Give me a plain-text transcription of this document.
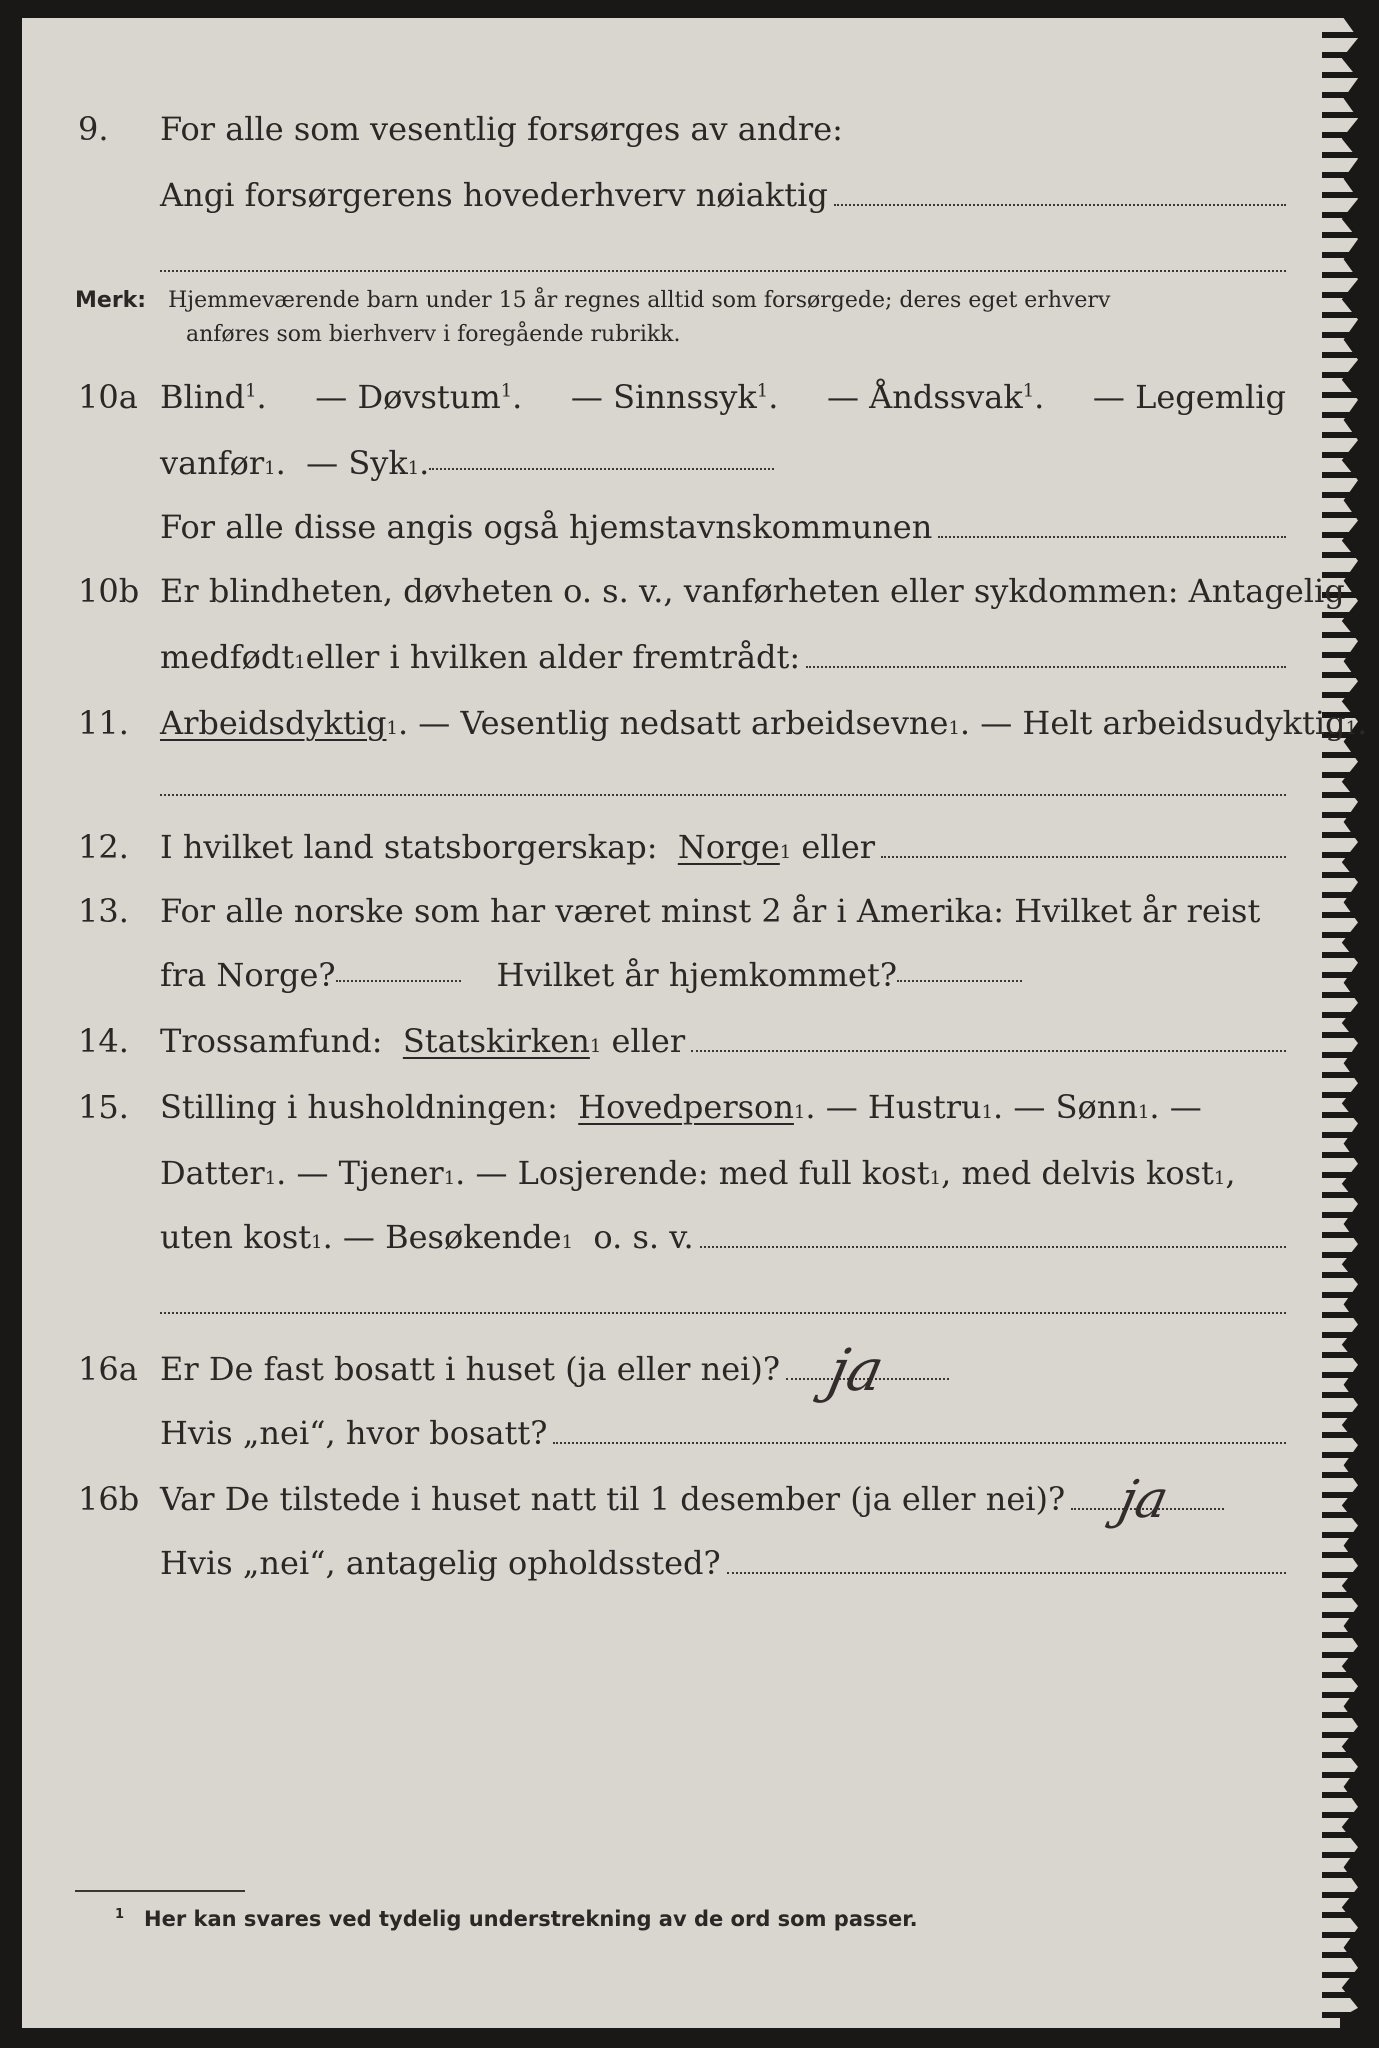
9.	For alle som vesentlig forsørges av andre:
Angi forsørgerens hovederhverv nøiaktig
Merk: Hjemmeværende barn under 15 år regnes alltid som forsørgede; deres eget erhverv
anføres som bierhverv i foregående rubrikk.
10a Blind$^1$. — Døvstum$^1$. — Sinnssyk$^1$. — Åndssvak$^1$. — Legemlig
vanfør 1 . — Syk 1 .
For alle disse angis også hjemstavnskommunen
10b Er blindheten, døvheten o. s. v., vanførheten eller sykdommen: Antagelig
medfødt 1 eller i hvilken alder fremtrådt:
11. Arbeidsdyktig 1 . — Vesentlig nedsatt arbeidsevne 1 . — Helt arbeidsudyktig 1 .
12. I hvilket land statsborgerskap:
Norge 1
eller
13. For alle norske som har været minst 2 år i Amerika: Hvilket år reist
fra Norge?	Hvilket år hjemkommet?
14. Trossamfund:
Statskirken 1
eller
15. Stilling i husholdningen:
Hovedperson 1 . — Hustru 1 . — Sønn 1 . —
Datter 1 . — Tjener 1 . — Losjerende: med full kost 1 , med delvis kost 1 ,
uten kost 1 . — Besøkende 1
o. s. v.
16a Er De fast bosatt i huset (ja eller nei)? ja
Hvis „nei“, hvor bosatt?
16b Var De tilstede i huset natt til 1 desember (ja eller nei)? ja
Hvis „nei“, antagelig opholdssted?
$^1$ Her kan svares ved tydelig understrekning av de ord som passer.
